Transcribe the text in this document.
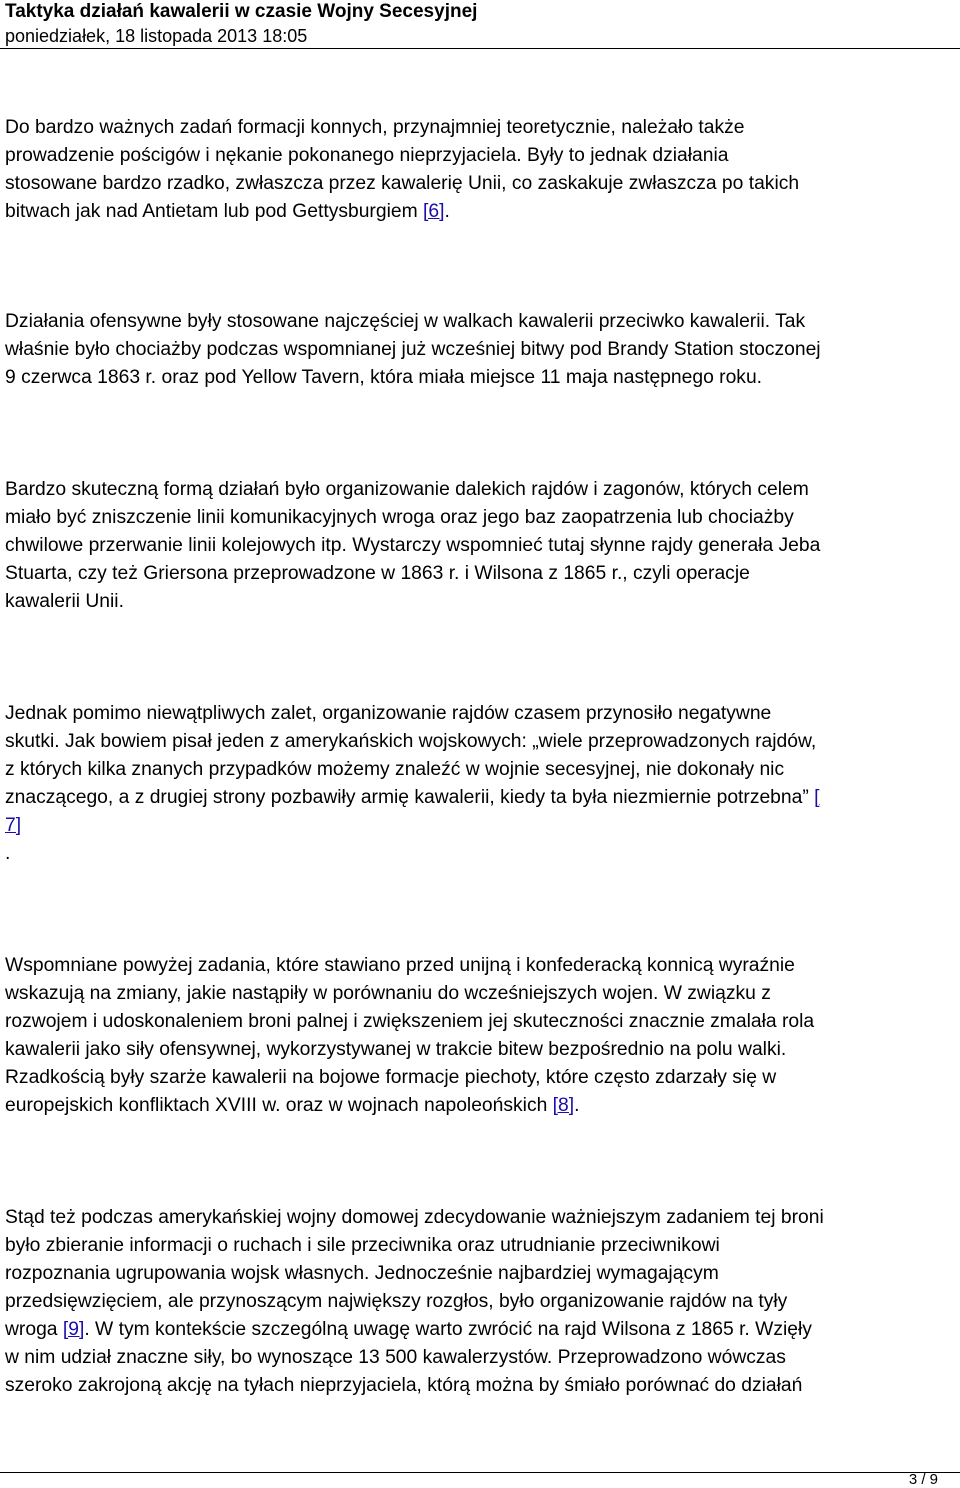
Taktyka działań kawalerii w czasie Wojny Secesyjnej
poniedziałek, 18 listopada 2013 18:05

Do bardzo ważnych zadań formacji konnych, przynajmniej teoretycznie, należało także
prowadzenie pościgów i nękanie pokonanego nieprzyjaciela. Były to jednak działania
stosowane bardzo rzadko, zwłaszcza przez kawalerię Unii, co zaskakuje zwłaszcza po takich
bitwach jak nad Antietam lub pod Gettysburgiem [6].

Działania ofensywne były stosowane najczęściej w walkach kawalerii przeciwko kawalerii. Tak
właśnie było chociażby podczas wspomnianej już wcześniej bitwy pod Brandy Station stoczonej
9 czerwca 1863 r. oraz pod Yellow Tavern, która miała miejsce 11 maja następnego roku.

Bardzo skuteczną formą działań było organizowanie dalekich rajdów i zagonów, których celem
miało być zniszczenie linii komunikacyjnych wroga oraz jego baz zaopatrzenia lub chociażby
chwilowe przerwanie linii kolejowych itp. Wystarczy wspomnieć tutaj słynne rajdy generała Jeba
Stuarta, czy też Griersona przeprowadzone w 1863 r. i Wilsona z 1865 r., czyli operacje
kawalerii Unii.

Jednak pomimo niewątpliwych zalet, organizowanie rajdów czasem przynosiło negatywne
skutki. Jak bowiem pisał jeden z amerykańskich wojskowych: „wiele przeprowadzonych rajdów,
z których kilka znanych przypadków możemy znaleźć w wojnie secesyjnej, nie dokonały nic
znaczącego, a z drugiej strony pozbawiły armię kawalerii, kiedy ta była niezmiernie potrzebna” [
7]
.

Wspomniane powyżej zadania, które stawiano przed unijną i konfederacką konnicą wyraźnie
wskazują na zmiany, jakie nastąpiły w porównaniu do wcześniejszych wojen. W związku z
rozwojem i udoskonaleniem broni palnej i zwiększeniem jej skuteczności znacznie zmalała rola
kawalerii jako siły ofensywnej, wykorzystywanej w trakcie bitew bezpośrednio na polu walki.
Rzadkością były szarże kawalerii na bojowe formacje piechoty, które często zdarzały się w
europejskich konfliktach XVIII w. oraz w wojnach napoleońskich [8].

Stąd też podczas amerykańskiej wojny domowej zdecydowanie ważniejszym zadaniem tej broni
było zbieranie informacji o ruchach i sile przeciwnika oraz utrudnianie przeciwnikowi
rozpoznania ugrupowania wojsk własnych. Jednocześnie najbardziej wymagającym
przedsięwzięciem, ale przynoszącym największy rozgłos, było organizowanie rajdów na tyły
wroga [9]. W tym kontekście szczególną uwagę warto zwrócić na rajd Wilsona z 1865 r. Wzięły
w nim udział znaczne siły, bo wynoszące 13 500 kawalerzystów. Przeprowadzono wówczas
szeroko zakrojoną akcję na tyłach nieprzyjaciela, którą można by śmiało porównać do działań

3 / 9
